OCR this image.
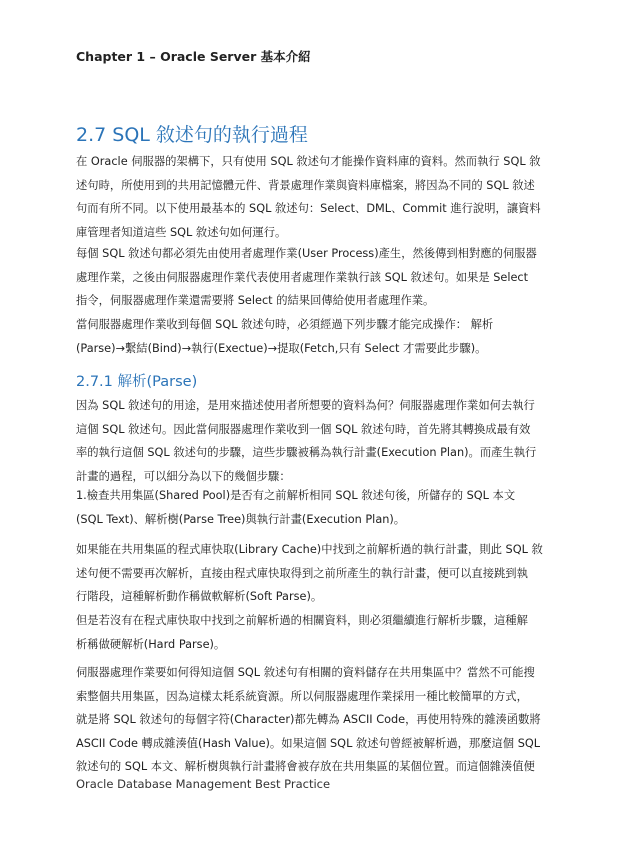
Chapter 1 – Oracle Server 基本介紹
2.7 SQL 敘述句的執行過程
在 Oracle 伺服器的架構下，只有使用 SQL 敘述句才能操作資料庫的資料。然而執行 SQL 敘
述句時，所使用到的共用記憶體元件、背景處理作業與資料庫檔案，將因為不同的 SQL 敘述
句而有所不同。以下使用最基本的 SQL 敘述句：Select、DML、Commit 進行說明，讓資料
庫管理者知道這些 SQL 敘述句如何運行。
每個 SQL 敘述句都必須先由使用者處理作業(User Process)產生，然後傳到相對應的伺服器
處理作業，之後由伺服器處理作業代表使用者處理作業執行該 SQL 敘述句。如果是 Select
指令，伺服器處理作業還需要將 Select 的結果回傳給使用者處理作業。
當伺服器處理作業收到每個 SQL 敘述句時，必須經過下列步驟才能完成操作： 解析
(Parse)→繫結(Bind)→執行(Exectue)→提取(Fetch,只有 Select 才需要此步驟)。
2.7.1 解析(Parse)
因為 SQL 敘述句的用途，是用來描述使用者所想要的資料為何？伺服器處理作業如何去執行
這個 SQL 敘述句。因此當伺服器處理作業收到一個 SQL 敘述句時，首先將其轉換成最有效
率的執行這個 SQL 敘述句的步驟，這些步驟被稱為執行計畫(Execution Plan)。而產生執行
計畫的過程，可以細分為以下的幾個步驟：
1.檢查共用集區(Shared Pool)是否有之前解析相同 SQL 敘述句後，所儲存的 SQL 本文
(SQL Text)、解析樹(Parse Tree)與執行計畫(Execution Plan)。
如果能在共用集區的程式庫快取(Library Cache)中找到之前解析過的執行計畫，則此 SQL 敘
述句便不需要再次解析，直接由程式庫快取得到之前所產生的執行計畫，便可以直接跳到執
行階段，這種解析動作稱做軟解析(Soft Parse)。
但是若沒有在程式庫快取中找到之前解析過的相關資料，則必須繼續進行解析步驟，這種解
析稱做硬解析(Hard Parse)。
伺服器處理作業要如何得知這個 SQL 敘述句有相關的資料儲存在共用集區中？當然不可能搜
索整個共用集區，因為這樣太耗系統資源。所以伺服器處理作業採用一種比較簡單的方式，
就是將 SQL 敘述句的每個字符(Character)都先轉為 ASCII Code，再使用特殊的雜湊函數將
ASCII Code 轉成雜湊值(Hash Value)。如果這個 SQL 敘述句曾經被解析過，那麼這個 SQL
敘述句的 SQL 本文、解析樹與執行計畫將會被存放在共用集區的某個位置。而這個雜湊值便
Oracle Database Management Best Practice
